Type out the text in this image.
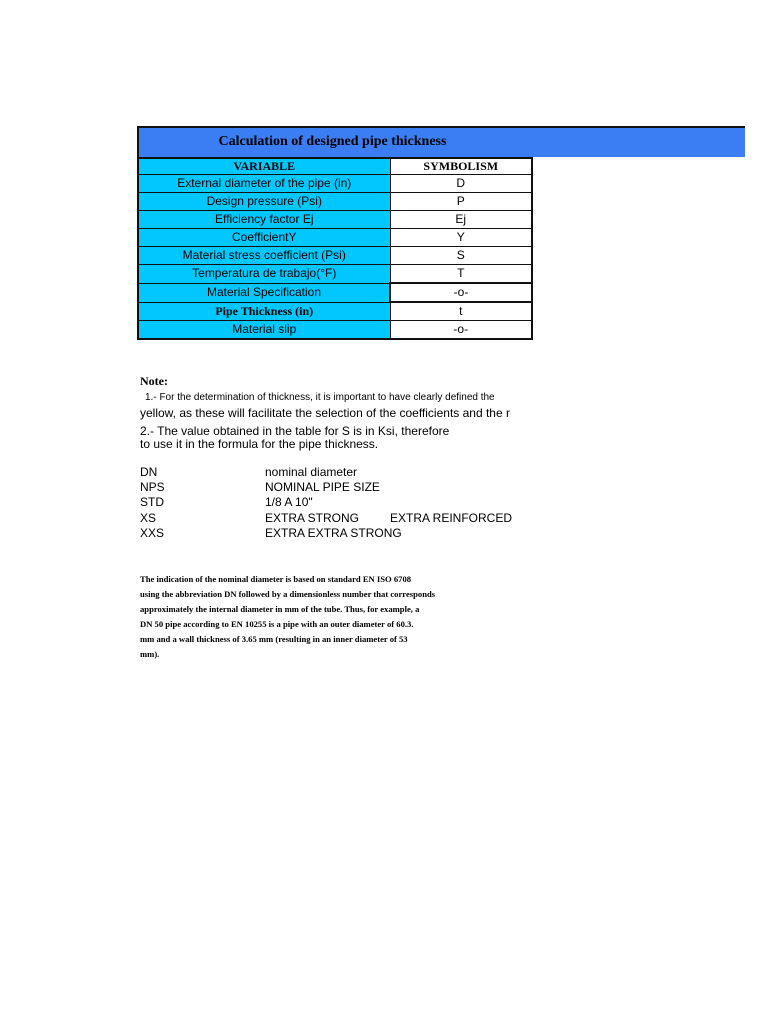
Calculation of designed pipe thickness
VARIABLE	SYMBOLISM
External diameter of the pipe (in)	D
Design pressure (Psi)	P
Efficiency factor Ej	Ej
CoefficientY	Y
Material stress coefficient (Psi)	S
Temperatura de trabajo(°F)	T
Material Specification	-o-
Pipe Thickness (in)	t
Material slip	-o-
Note:
1.- For the determination of thickness, it is important to have clearly defined the
yellow, as these will facilitate the selection of the coefficients and the r
2.- The value obtained in the table for S is in Ksi, therefore
to use it in the formula for the pipe thickness.
DN	nominal diameter
NPS	NOMINAL PIPE SIZE
STD	1/8 A 10"
XS	EXTRA STRONG	EXTRA REINFORCED
XXS	EXTRA EXTRA STRONG
The indication of the nominal diameter is based on standard EN ISO 6708
using the abbreviation DN followed by a dimensionless number that corresponds
approximately the internal diameter in mm of the tube. Thus, for example, a
DN 50 pipe according to EN 10255 is a pipe with an outer diameter of 60.3.
mm and a wall thickness of 3.65 mm (resulting in an inner diameter of 53
mm).
